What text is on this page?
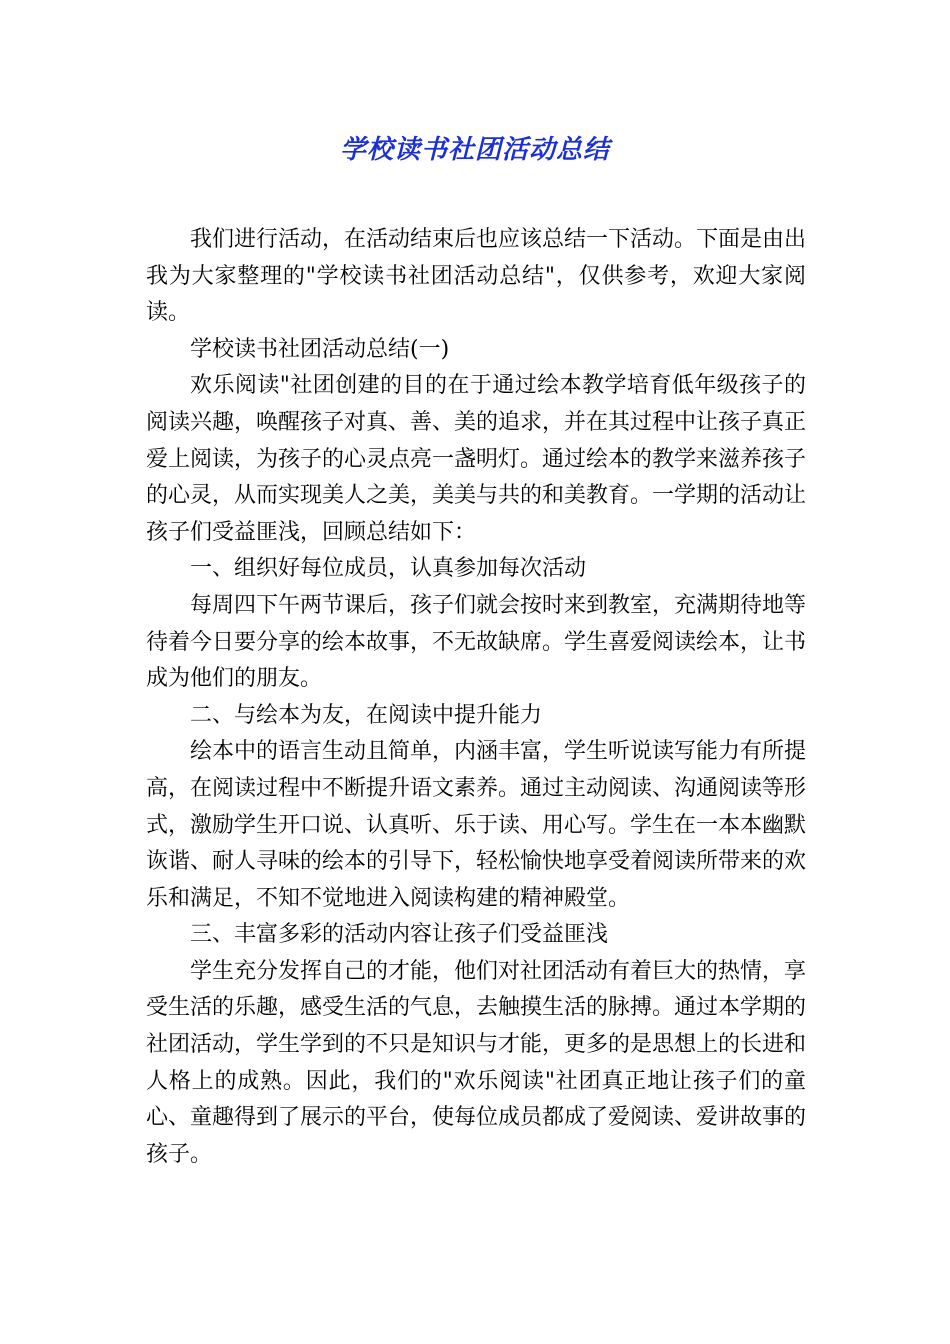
学校读书社团活动总结

我们进行活动，在活动结束后也应该总结一下活动。下面是由出我为大家整理的"学校读书社团活动总结"，仅供参考，欢迎大家阅读。

学校读书社团活动总结(一)

欢乐阅读"社团创建的目的在于通过绘本教学培育低年级孩子的阅读兴趣，唤醒孩子对真、善、美的追求，并在其过程中让孩子真正爱上阅读，为孩子的心灵点亮一盏明灯。通过绘本的教学来滋养孩子的心灵，从而实现美人之美，美美与共的和美教育。一学期的活动让孩子们受益匪浅，回顾总结如下：

一、组织好每位成员，认真参加每次活动

每周四下午两节课后，孩子们就会按时来到教室，充满期待地等待着今日要分享的绘本故事，不无故缺席。学生喜爱阅读绘本，让书成为他们的朋友。

二、与绘本为友，在阅读中提升能力

绘本中的语言生动且简单，内涵丰富，学生听说读写能力有所提高，在阅读过程中不断提升语文素养。通过主动阅读、沟通阅读等形式，激励学生开口说、认真听、乐于读、用心写。学生在一本本幽默诙谐、耐人寻味的绘本的引导下，轻松愉快地享受着阅读所带来的欢乐和满足，不知不觉地进入阅读构建的精神殿堂。

三、丰富多彩的活动内容让孩子们受益匪浅

学生充分发挥自己的才能，他们对社团活动有着巨大的热情，享受生活的乐趣，感受生活的气息，去触摸生活的脉搏。通过本学期的社团活动，学生学到的不只是知识与才能，更多的是思想上的长进和人格上的成熟。因此，我们的"欢乐阅读"社团真正地让孩子们的童心、童趣得到了展示的平台，使每位成员都成了爱阅读、爱讲故事的孩子。
